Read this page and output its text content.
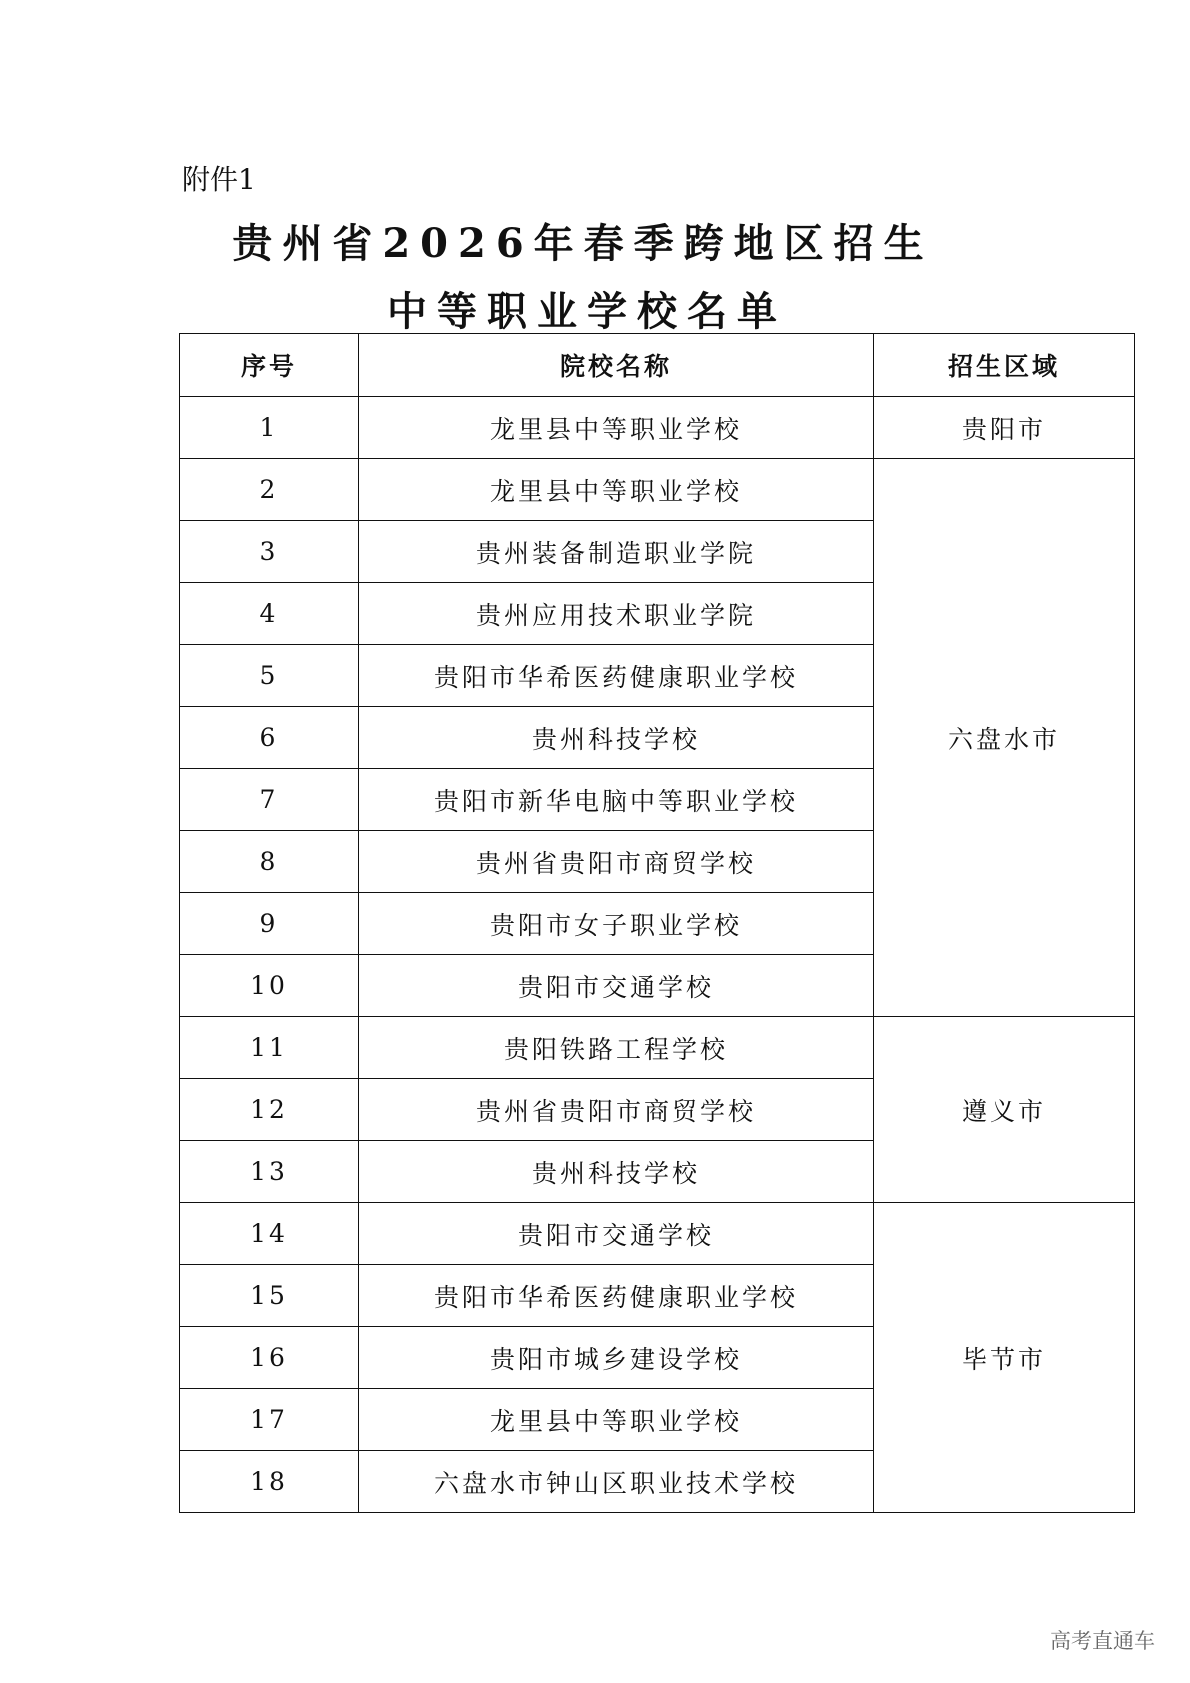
附件1
贵州省2026年春季跨地区招生
中等职业学校名单
序号	院校名称	招生区域
1	龙里县中等职业学校	贵阳市
2	龙里县中等职业学校	六盘水市
3	贵州装备制造职业学院	
4	贵州应用技术职业学院	
5	贵阳市华希医药健康职业学校	
6	贵州科技学校	
7	贵阳市新华电脑中等职业学校	
8	贵州省贵阳市商贸学校	
9	贵阳市女子职业学校	
10	贵阳市交通学校	
11	贵阳铁路工程学校	遵义市
12	贵州省贵阳市商贸学校	
13	贵州科技学校	
14	贵阳市交通学校	毕节市
15	贵阳市华希医药健康职业学校	
16	贵阳市城乡建设学校	
17	龙里县中等职业学校	
18	六盘水市钟山区职业技术学校	
高考直通车
